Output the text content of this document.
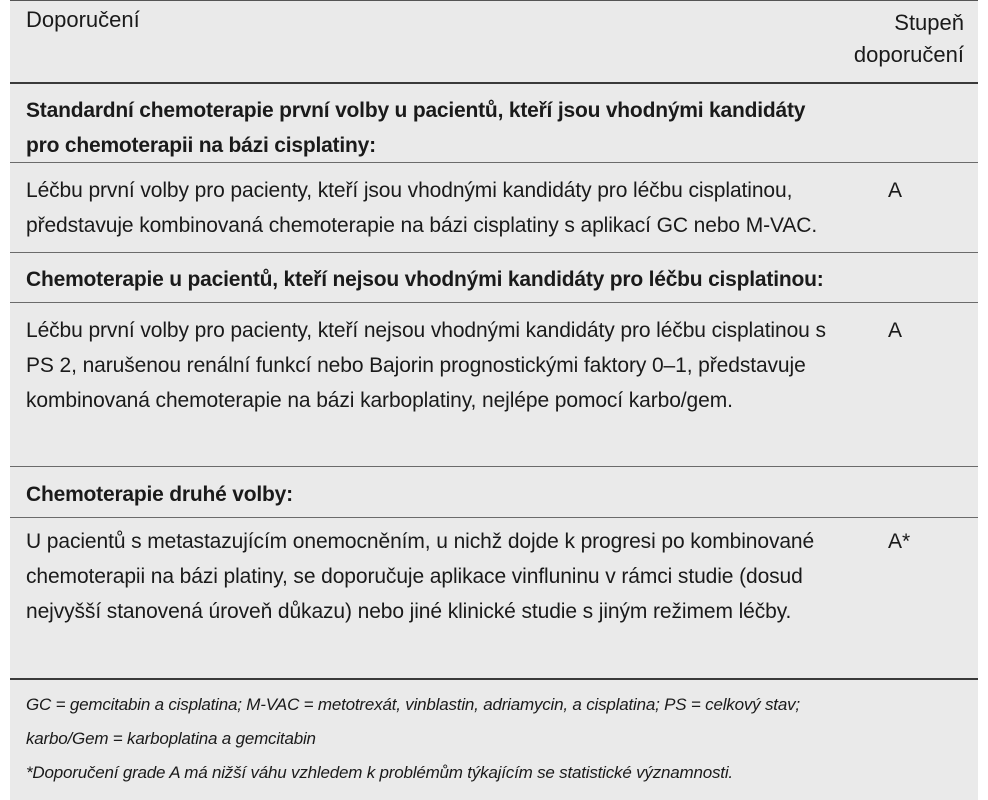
Doporučení	Stupeň doporučení
Standardní chemoterapie první volby u pacientů, kteří jsou vhodnými kandidáty pro chemoterapii na bázi cisplatiny:
Léčbu první volby pro pacienty, kteří jsou vhodnými kandidáty pro léčbu cisplatinou, představuje kombinovaná chemoterapie na bázi cisplatiny s aplikací GC nebo M-VAC.
A
Chemoterapie u pacientů, kteří nejsou vhodnými kandidáty pro léčbu cisplatinou:
Léčbu první volby pro pacienty, kteří nejsou vhodnými kandidáty pro léčbu cisplatinou s PS 2, narušenou renální funkcí nebo Bajorin prognostickými faktory 0–1, představuje kombinovaná chemoterapie na bázi karboplatiny, nejlépe pomocí karbo/gem.
A
Chemoterapie druhé volby:
U pacientů s metastazujícím onemocněním, u nichž dojde k progresi po kombinované chemoterapii na bázi platiny, se doporučuje aplikace vinfluninu v rámci studie (dosud nejvyšší stanovená úroveň důkazu) nebo jiné klinické studie s jiným režimem léčby.
A*
GC = gemcitabin a cisplatina; M-VAC = metotrexát, vinblastin, adriamycin, a cisplatina; PS = celkový stav;
karbo/Gem = karboplatina a gemcitabin
*Doporučení grade A má nižší váhu vzhledem k problémům týkajícím se statistické významnosti.
